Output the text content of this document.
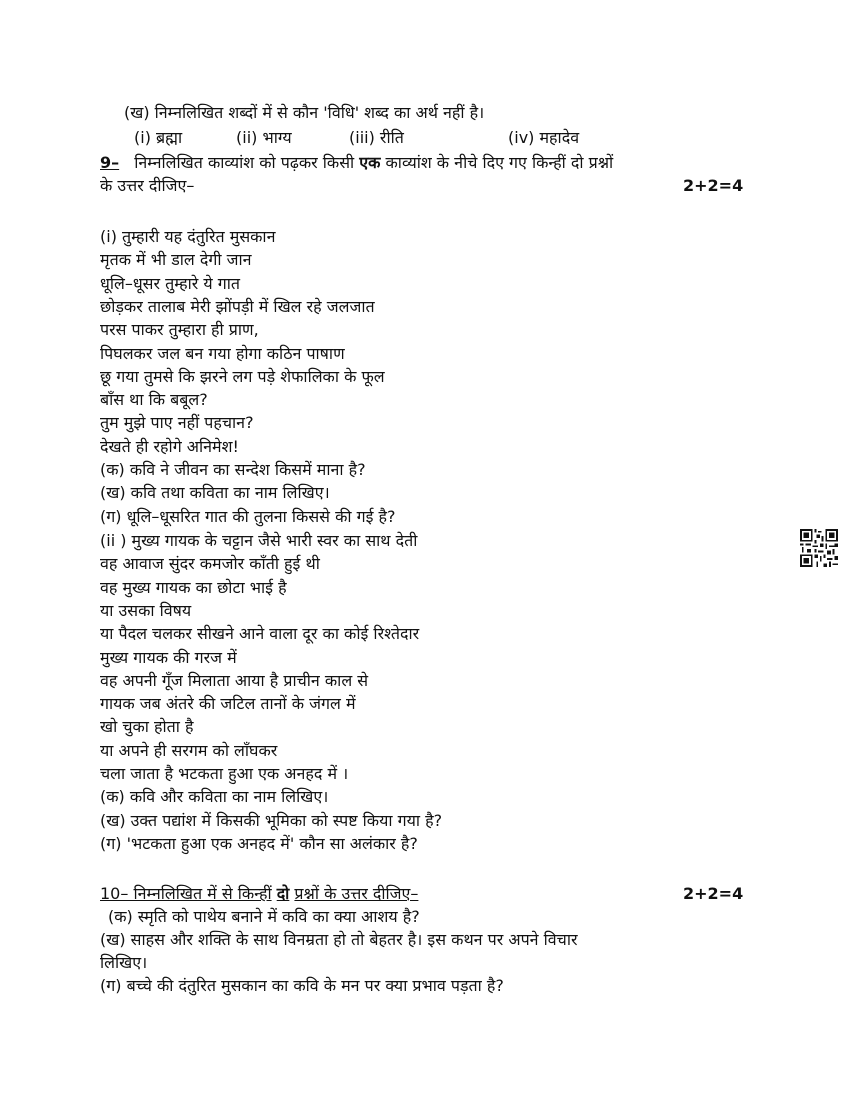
(ख) निम्नलिखित शब्दों में से कौन 'विधि' शब्द का अर्थ नहीं है।
(i) ब्रह्मा	(ii) भाग्य	(iii) रीति	(iv) महादेव
9– निम्नलिखित काव्यांश को पढ़कर किसी एक काव्यांश के नीचे दिए गए किन्हीं दो प्रश्नों
के उत्तर दीजिए–	2+2=4
(i) तुम्हारी यह दंतुरित मुसकान
मृतक में भी डाल देगी जान
धूलि–धूसर तुम्हारे ये गात
छोड़कर तालाब मेरी झोंपड़ी में खिल रहे जलजात
परस पाकर तुम्हारा ही प्राण,
पिघलकर जल बन गया होगा कठिन पाषाण
छू गया तुमसे कि झरने लग पड़े शेफालिका के फूल
बाँस था कि बबूल?
तुम मुझे पाए नहीं पहचान?
देखते ही रहोगे अनिमेश!
(क) कवि ने जीवन का सन्देश किसमें माना है?
(ख) कवि तथा कविता का नाम लिखिए।
(ग) धूलि–धूसरित गात की तुलना किससे की गई है?
(ii ) मुख्य गायक के चट्टान जैसे भारी स्वर का साथ देती
वह आवाज सुंदर कमजोर काँती हुई थी
वह मुख्य गायक का छोटा भाई है
या उसका विषय
या पैदल चलकर सीखने आने वाला दूर का कोई रिश्तेदार
मुख्य गायक की गरज में
वह अपनी गूँज मिलाता आया है प्राचीन काल से
गायक जब अंतरे की जटिल तानों के जंगल में
खो चुका होता है
या अपने ही सरगम को लाँघकर
चला जाता है भटकता हुआ एक अनहद में ।
(क) कवि और कविता का नाम लिखिए।
(ख) उक्त पद्यांश में किसकी भूमिका को स्पष्ट किया गया है?
(ग) 'भटकता हुआ एक अनहद में' कौन सा अलंकार है?
10– निम्नलिखित में से किन्हीं दो प्रश्नों के उत्तर दीजिए–	2+2=4
(क) स्मृति को पाथेय बनाने में कवि का क्या आशय है?
(ख) साहस और शक्ति के साथ विनम्रता हो तो बेहतर है। इस कथन पर अपने विचार
लिखिए।
(ग) बच्चे की दंतुरित मुसकान का कवि के मन पर क्या प्रभाव पड़ता है?
